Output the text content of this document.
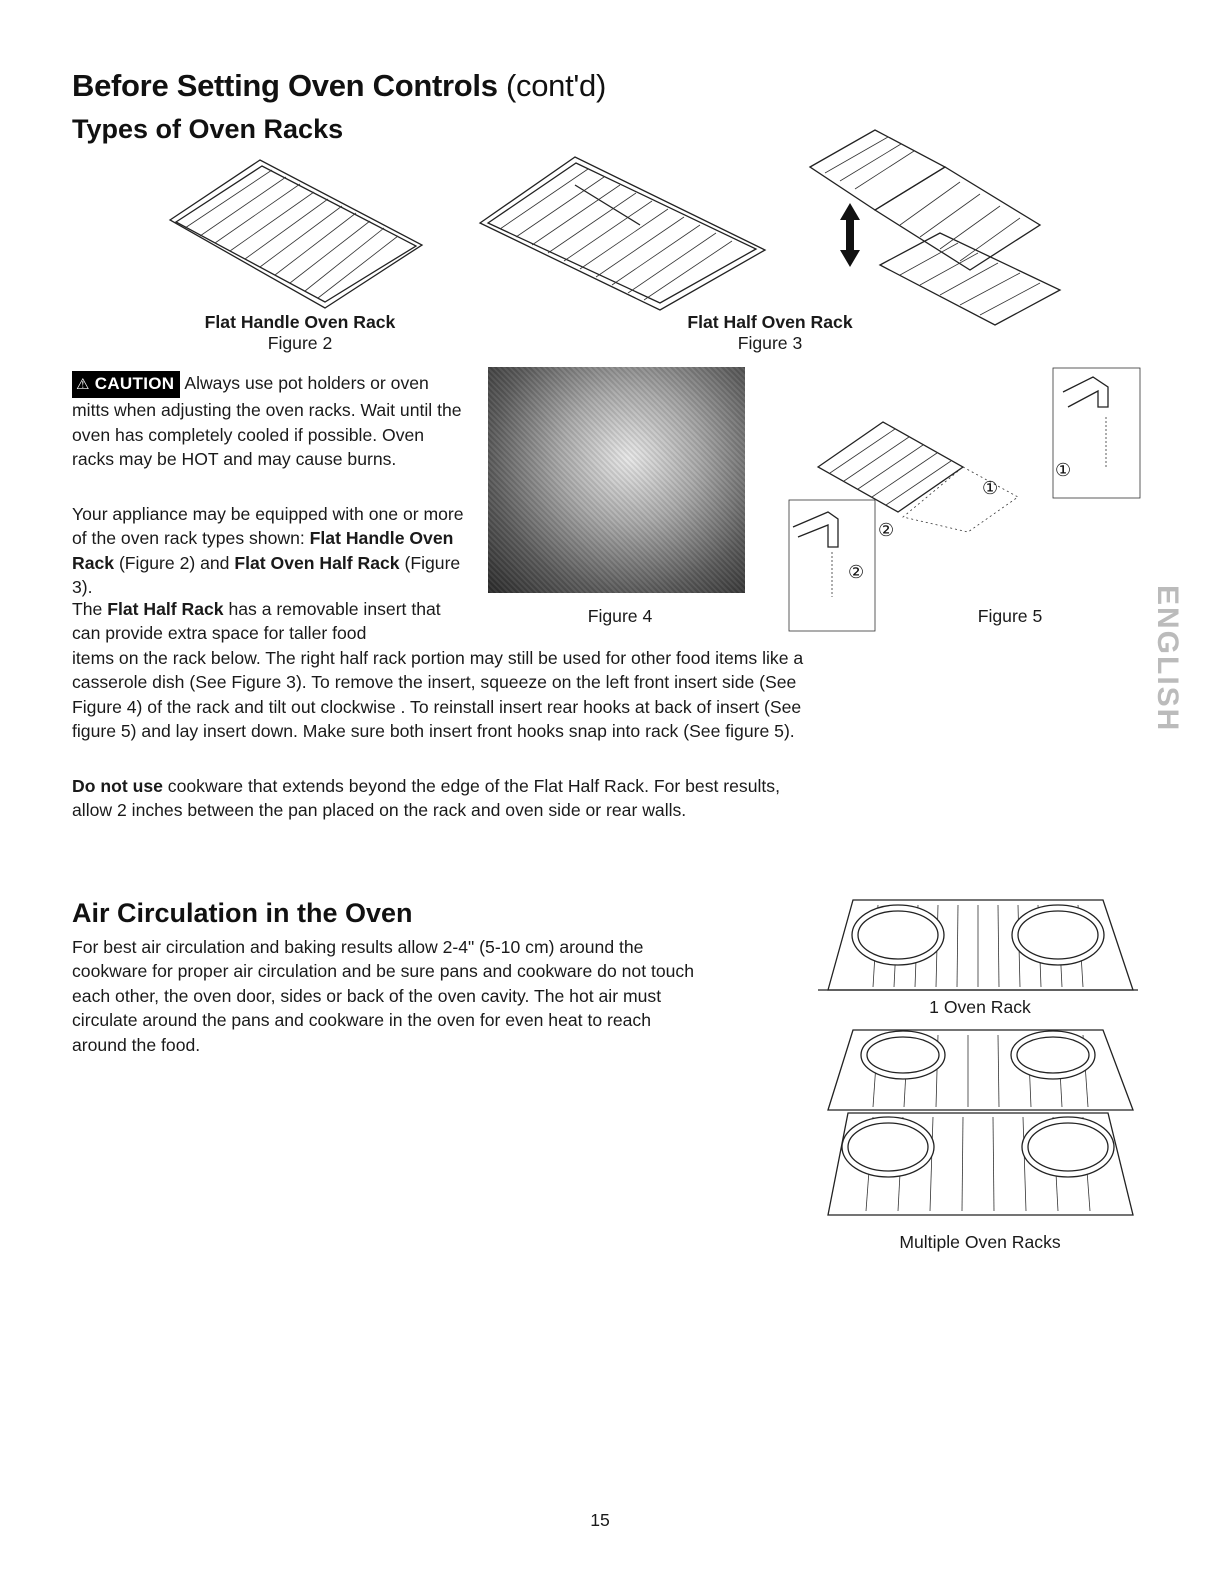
Before Setting Oven Controls (cont'd)
Types of Oven Racks
Flat Handle Oven Rack
Figure 2
Flat Half Oven Rack
Figure 3
⚠ CAUTION Always use pot holders or oven mitts when adjusting the oven racks. Wait until the oven has completely cooled if possible. Oven racks may be HOT and may cause burns.
Your appliance may be equipped with one or more of the oven rack types shown: Flat Handle Oven Rack (Figure 2) and Flat Oven Half Rack (Figure 3).
The Flat Half Rack has a removable insert that can provide extra space for taller food
items on the rack below. The right half rack portion may still be used for other food items like a casserole dish (See Figure 3). To remove the insert, squeeze on the left front insert side (See Figure 4) of the rack and tilt out clockwise . To reinstall insert rear hooks at back of insert (See figure 5) and lay insert down. Make sure both insert front hooks snap into rack (See figure 5).
Do not use cookware that extends beyond the edge of the Flat Half Rack. For best results, allow 2 inches between the pan placed on the rack and oven side or rear walls.
Figure 4
①
①
②
②
Figure 5	ENGLISH
Air Circulation in the Oven
For best air circulation and baking results allow 2-4" (5-10 cm) around the cookware for proper air circulation and be sure pans and cookware do not touch each other, the oven door, sides or back of the oven cavity. The hot air must circulate around the pans and cookware in the oven for even heat to reach around the food.
1 Oven Rack
Multiple Oven Racks
15
